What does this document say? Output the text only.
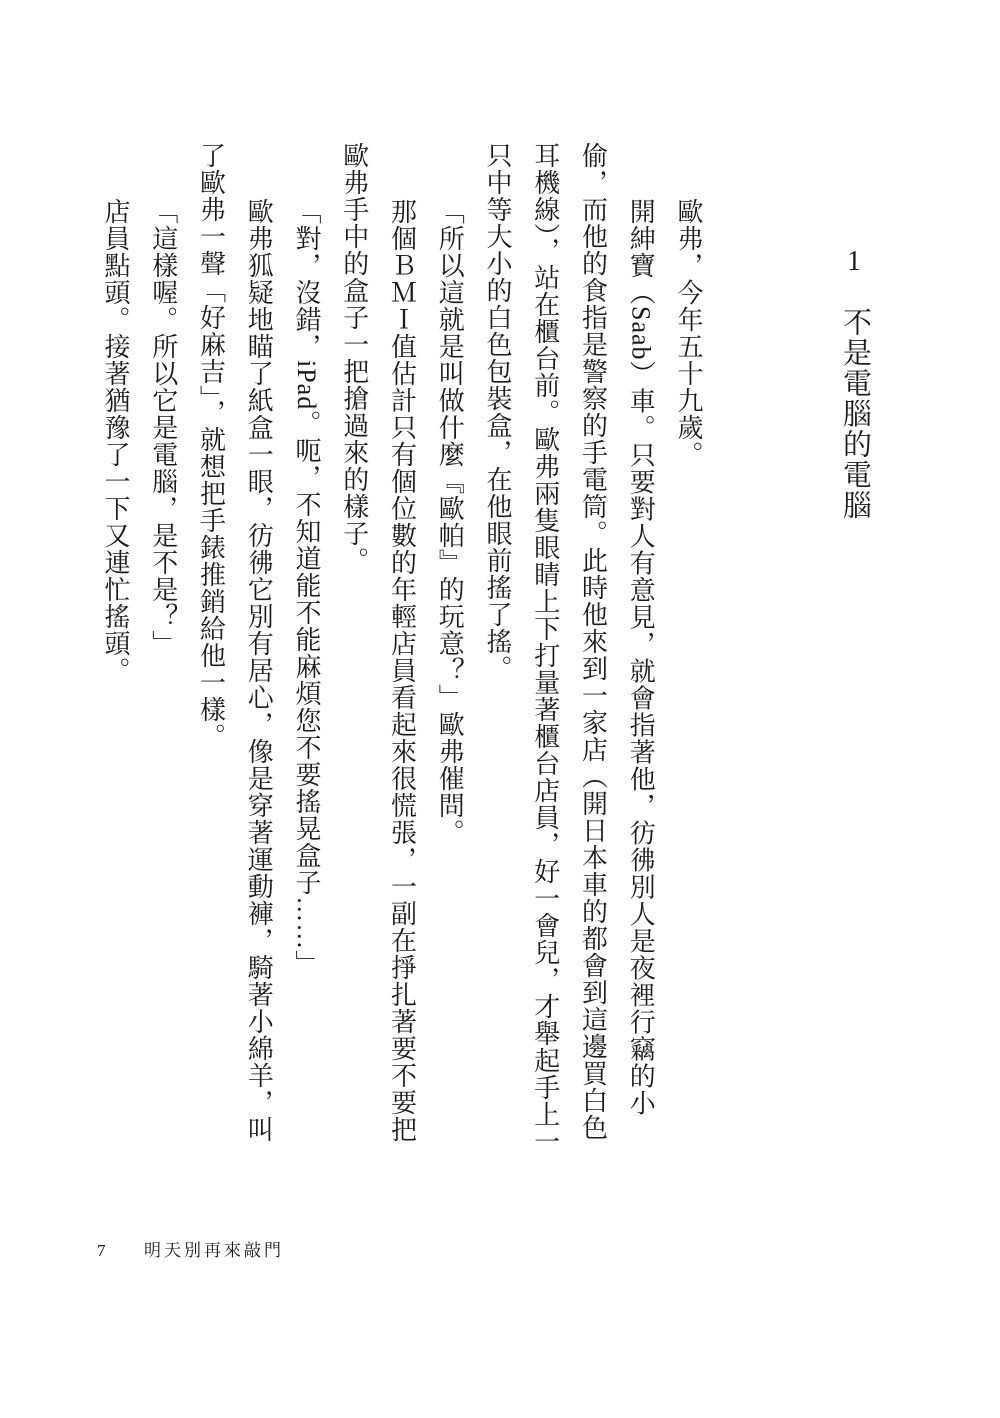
1
不是電腦的電腦

歐弗，今年五十九歲。

開紳寶（Saab）車。只要對人有意見，就會指著他，彷彿別人是夜裡行竊的小偷，而他的食指是警察的手電筒。此時他來到一家店（開日本車的都會到這邊買白色耳機線），站在櫃台前。歐弗兩隻眼睛上下打量著櫃台店員，好一會兒，才舉起手上一只中等大小的白色包裝盒，在他眼前搖了搖。

「所以這就是叫做什麼『歐帕』的玩意？」歐弗催問。

那個ＢＭＩ值估計只有個位數的年輕店員看起來很慌張，一副在掙扎著要不要把歐弗手中的盒子一把搶過來的樣子。

「對，沒錯，iPad。呃，不知道能不能麻煩您不要搖晃盒子……」

歐弗狐疑地瞄了紙盒一眼，彷彿它別有居心，像是穿著運動褲，騎著小綿羊，叫了歐弗一聲「好麻吉」，就想把手錶推銷給他一樣。

「這樣喔。所以它是電腦，是不是？」

店員點頭。接著猶豫了一下又連忙搖頭。

7	明天別再來敲門
